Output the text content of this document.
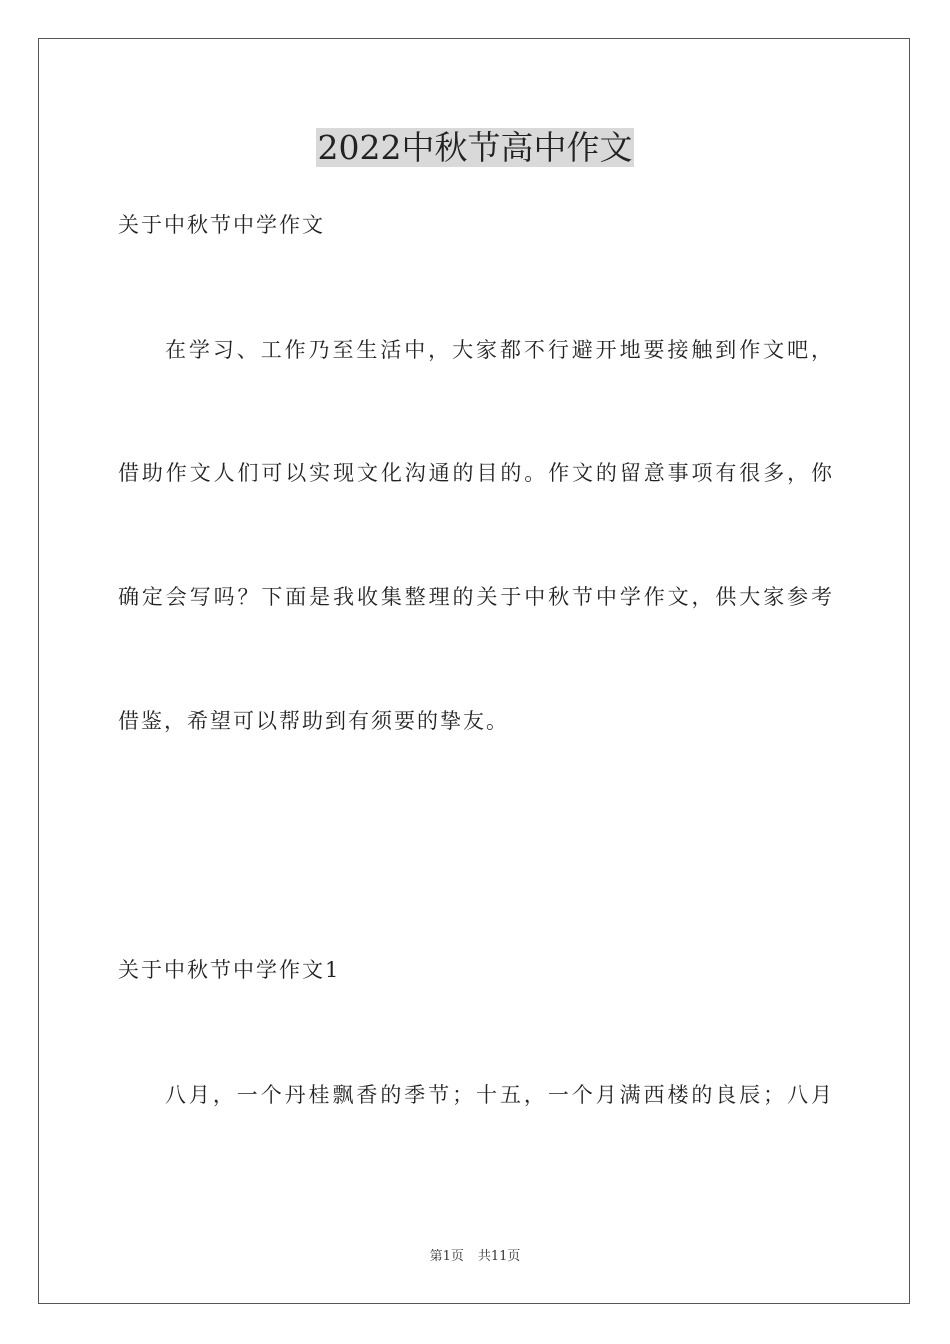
2022中秋节高中作文
关于中秋节中学作文
在学习、工作乃至生活中，大家都不行避开地要接触到作文吧，
借助作文人们可以实现文化沟通的目的。作文的留意事项有很多，你
确定会写吗？下面是我收集整理的关于中秋节中学作文，供大家参考
借鉴，希望可以帮助到有须要的挚友。
关于中秋节中学作文1
八月，一个丹桂飘香的季节；十五，一个月满西楼的良辰；八月
第1页 共11页
